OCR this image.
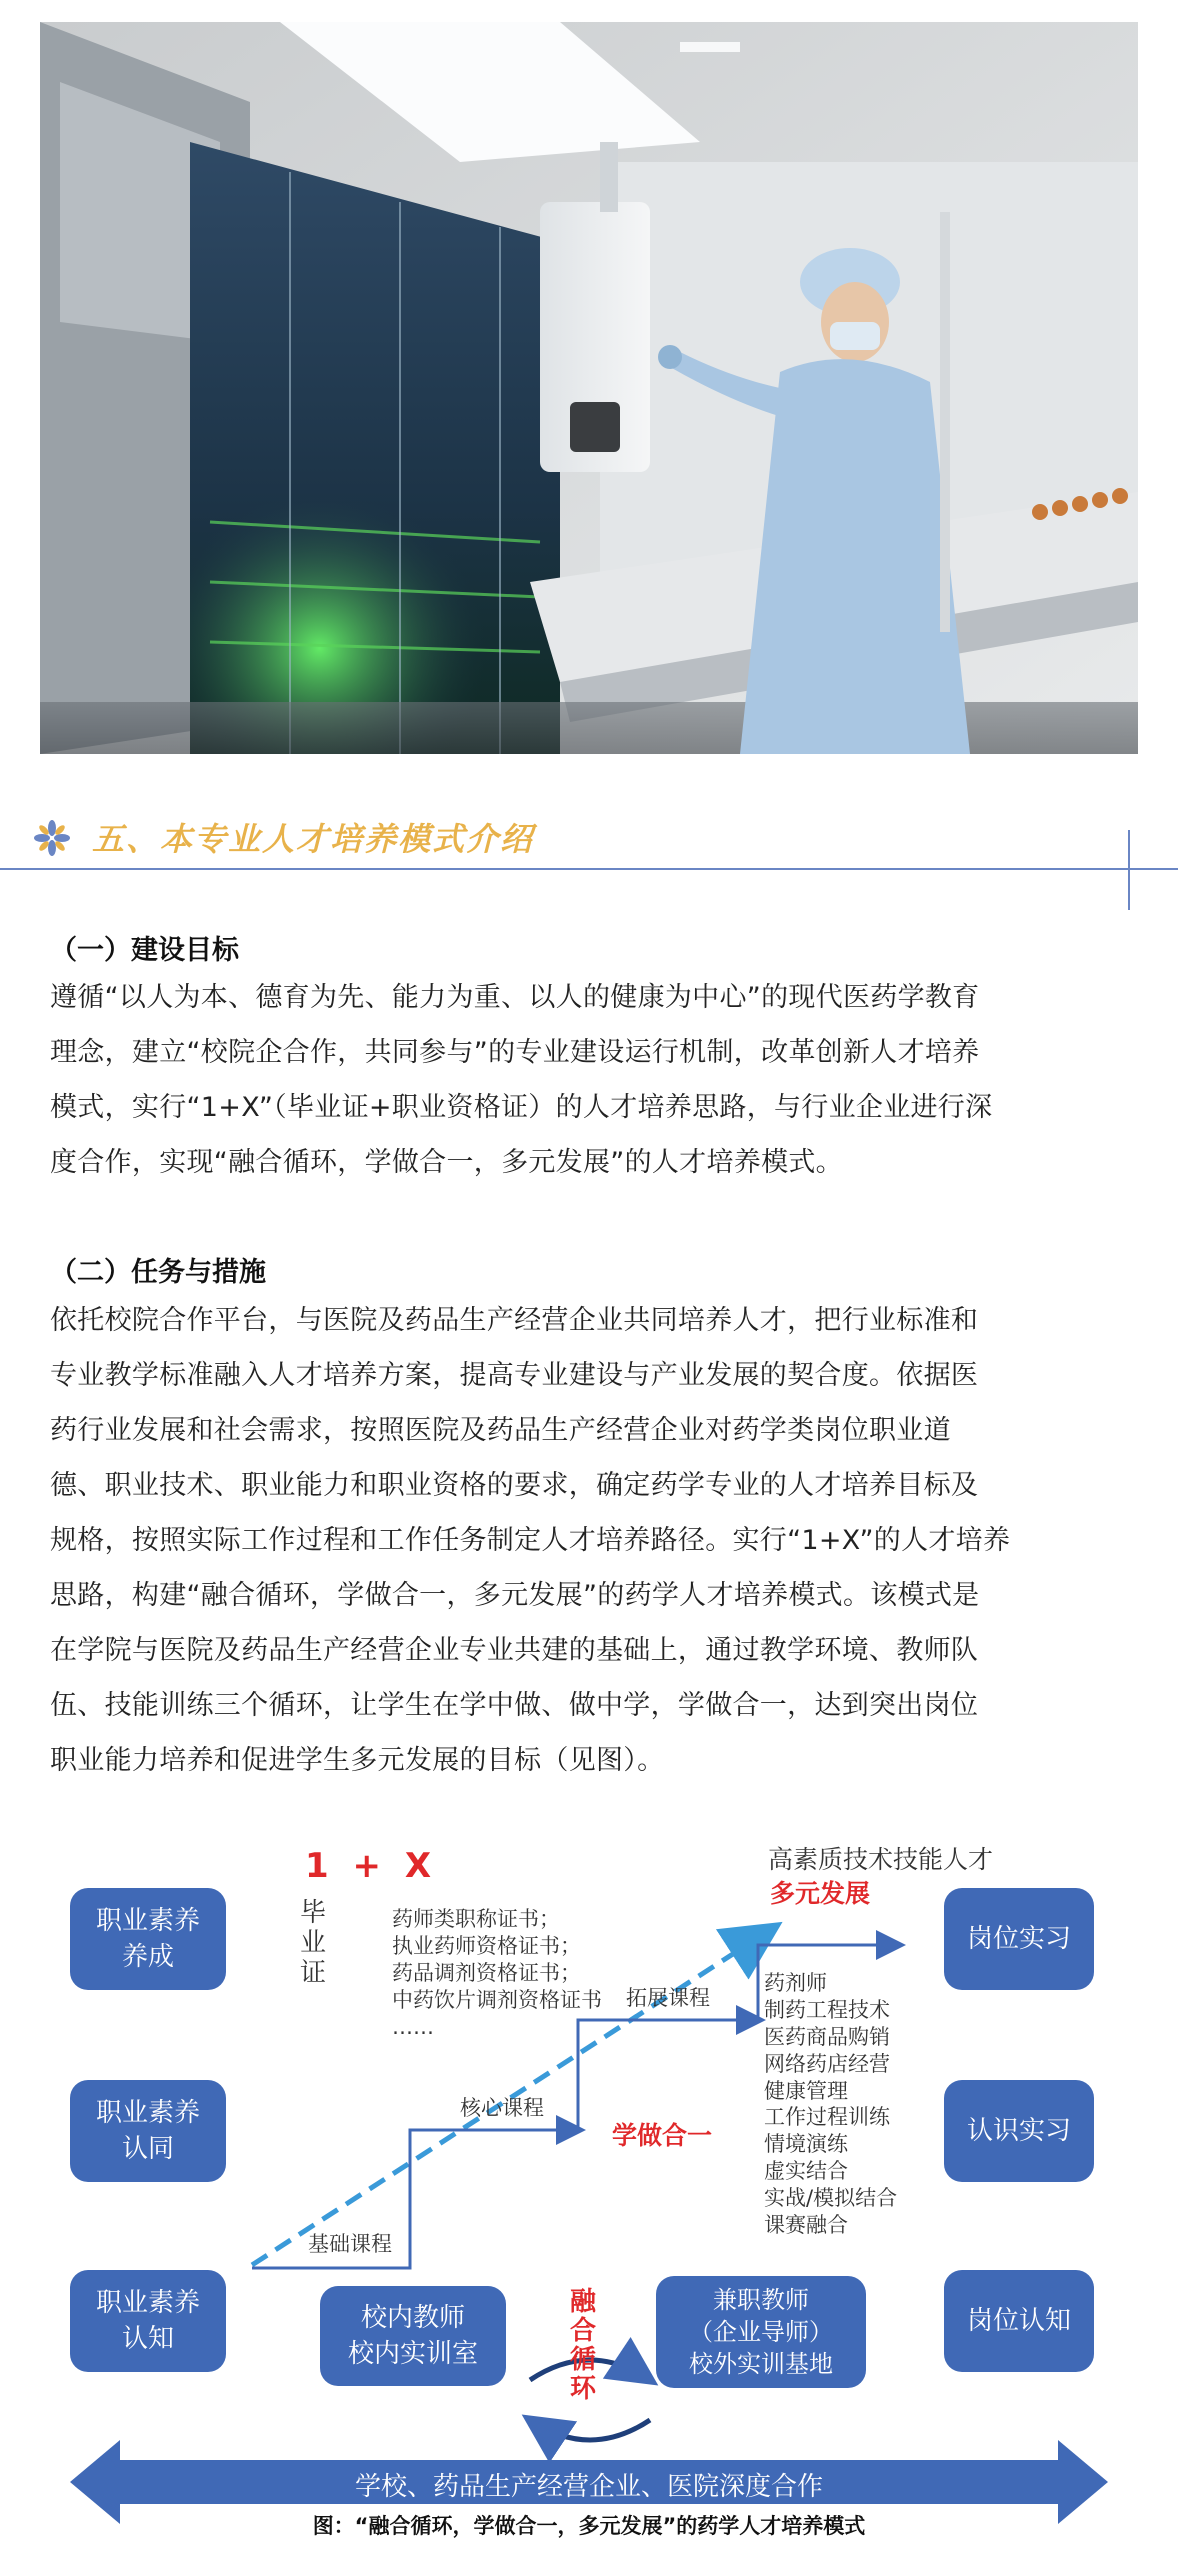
五、本专业人才培养模式介绍
（一）建设目标
遵循“以人为本、德育为先、能力为重、以人的健康为中心”的现代医药学教育
理念，建立“校院企合作，共同参与”的专业建设运行机制，改革创新人才培养
模式，实行“1+X”（毕业证+职业资格证）的人才培养思路，与行业企业进行深
度合作，实现“融合循环，学做合一，多元发展”的人才培养模式。
（二）任务与措施
依托校院合作平台，与医院及药品生产经营企业共同培养人才，把行业标准和
专业教学标准融入人才培养方案，提高专业建设与产业发展的契合度。依据医
药行业发展和社会需求，按照医院及药品生产经营企业对药学类岗位职业道
德、职业技术、职业能力和职业资格的要求，确定药学专业的人才培养目标及
规格，按照实际工作过程和工作任务制定人才培养路径。实行“1+X”的人才培养
思路，构建“融合循环，学做合一，多元发展”的药学人才培养模式。该模式是
在学院与医院及药品生产经营企业专业共建的基础上，通过教学环境、教师队
伍、技能训练三个循环，让学生在学中做、做中学，学做合一，达到突出岗位
职业能力培养和促进学生多元发展的目标（见图）。
1 + X
毕业证
药师类职称证书；
执业药师资格证书；
药品调剂资格证书；
中药饮片调剂资格证书
……
高素质技术技能人才
多元发展
职业素养
养成
职业素养
认同
职业素养
认知
岗位实习
认识实习
岗位认知
基础课程
核心课程
拓展课程
学做合一
药剂师
制药工程技术
医药商品购销
网络药店经营
健康管理
工作过程训练
情境演练
虚实结合
实战/模拟结合
课赛融合
校内教师
校内实训室
兼职教师
（企业导师）
校外实训基地
融
合
循
环
学校、药品生产经营企业、医院深度合作
图：“融合循环，学做合一，多元发展”的药学人才培养模式
